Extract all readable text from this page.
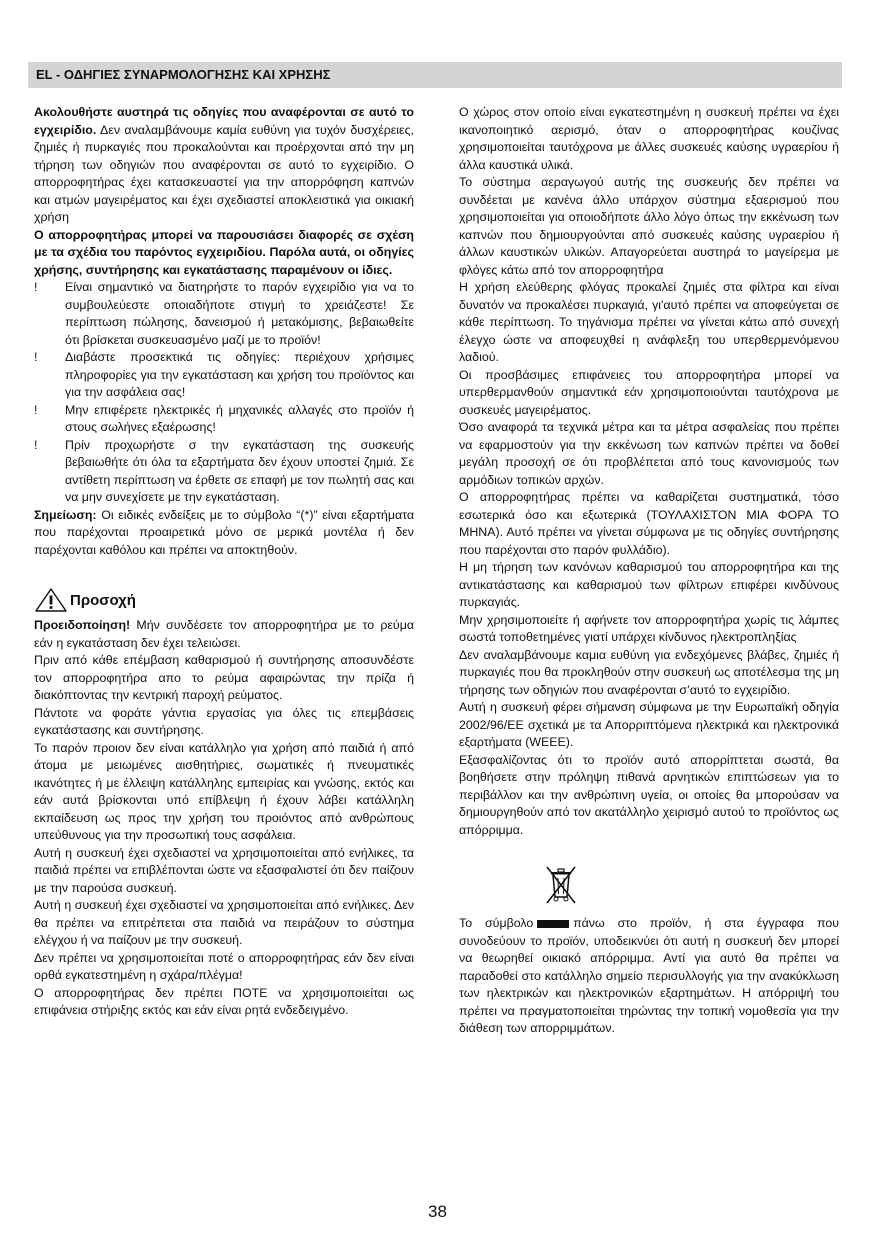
EL - ΟΔΗΓΙΕΣ ΣΥΝΑΡΜΟΛΟΓΗΣΗΣ ΚΑΙ ΧΡΗΣΗΣ

Ακολουθήστε αυστηρά τις οδηγίες που αναφέρονται σε αυτό το εγχειρίδιο. Δεν αναλαμβάνουμε καμία ευθύνη για τυχόν δυσχέρειες, ζημιές ή πυρκαγιές που προκαλούνται και προέρχονται από την μη τήρηση των οδηγιών που αναφέρονται σε αυτό το εγχειρίδιο. Ο απορροφητήρας έχει κατασκευαστεί για την απορρόφηση καπνών και ατμών μαγειρέματος και έχει σχεδιαστεί αποκλειστικά για οικιακή χρήση

Ο απορροφητήρας μπορεί να παρουσιάσει διαφορές σε σχέση με τα σχέδια του παρόντος εγχειριδίου. Παρόλα αυτά, οι οδηγίες χρήσης, συντήρησης και εγκατάστασης παραμένουν οι ίδιες.

! Είναι σημαντικό να διατηρήστε το παρόν εγχειρίδιο για να το συμβουλεύεστε οποιαδήποτε στιγμή το χρειάζεστε! Σε περίπτωση πώλησης, δανεισμού ή μετακόμισης, βεβαιωθείτε ότι βρίσκεται συσκευασμένο μαζί με το προϊόν!
! Διαβάστε προσεκτικά τις οδηγίες: περιέχουν χρήσιμες πληροφορίες για την εγκατάσταση και χρήση του προϊόντος και για την ασφάλεια σας!
! Μην επιφέρετε ηλεκτρικές ή μηχανικές αλλαγές στο προϊόν ή στους σωλήνες εξαέρωσης!
! Πρίν προχωρήστε σ την εγκατάσταση της συσκευής βεβαιωθήτε ότι όλα τα εξαρτήματα δεν έχουν υποστεί ζημιά. Σε αντίθετη περίπτωση να έρθετε σε επαφή με τον πωλητή σας και να μην συνεχίσετε με την εγκατάσταση.

Σημείωση: Οι ειδικές ενδείξεις με το σύμβολο “(*)” είναι εξαρτήματα που παρέχονται προαιρετικά μόνο σε μερικά μοντέλα ή δεν παρέχονται καθόλου και πρέπει να αποκτηθούν.

Προσοχή

Προειδοποίηση! Μήν συνδέσετε τον απορροφητήρα με το ρεύμα εάν η εγκατάσταση δεν έχει τελειώσει.

Πριν από κάθε επέμβαση καθαρισμού ή συντήρησης αποσυνδέστε τον απορροφητήρα απο το ρεύμα αφαιρώντας την πρίζα ή διακόπτοντας την κεντρική παροχή ρεύματος.

Πάντοτε να φοράτε γάντια εργασίας για όλες τις επεμβάσεις εγκατάστασης και συντήρησης.

Το παρόν προιον δεν είναι κατάλληλο για χρήση από παιδιά ή από άτομα με μειωμένες αισθητήριες, σωματικές ή πνευματικές ικανότητες ή με έλλειψη κατάλληλης εμπειρίας και γνώσης, εκτός και εάν αυτά βρίσκονται υπό επίβλεψη ή έχουν λάβει κατάλληλη εκπαίδευση ως προς την χρήση του προιόντος από ανθρώπους υπεύθυνους για την προσωπική τους ασφάλεια.

Αυτή η συσκευή έχει σχεδιαστεί να χρησιμοποιείται από ενήλικες, τα παιδιά πρέπει να επιβλέπονται ώστε να εξασφαλιστεί ότι δεν παίζουν με την παρούσα συσκευή.

Αυτή η συσκευή έχει σχεδιαστεί να χρησιμοποιείται από ενήλικες. Δεν θα πρέπει να επιτρέπεται στα παιδιά να πειράζουν το σύστημα ελέγχου ή να παίζουν με την συσκευή.

Δεν πρέπει να χρησιμοποιείται ποτέ ο απορροφητήρας εάν δεν είναι ορθά εγκατεστημένη η σχάρα/πλέγμα!

Ο απορροφητήρας δεν πρέπει ΠΟΤΕ να χρησιμοποιείται ως επιφάνεια στήριξης εκτός και εάν είναι ρητά ενδεδειγμένο.

Ο χώρος στον οποίο είναι εγκατεστημένη η συσκευή πρέπει να έχει ικανοποιητικό αερισμό, όταν ο απορροφητήρας κουζίνας χρησιμοποιείται ταυτόχρονα με άλλες συσκευές καύσης υγραερίου ή άλλα καυστικά υλικά.

Το σύστημα αεραγωγού αυτής της συσκευής δεν πρέπει να συνδέεται με κανένα άλλο υπάρχον σύστημα εξαερισμού που χρησιμοποιείται για οποιοδήποτε άλλο λόγο όπως την εκκένωση των καπνών που δημιουργούνται από συσκευές καύσης υγραερίου ή άλλων καυστικών υλικών. Απαγορεύεται αυστηρά το μαγείρεμα με φλόγες κάτω από τον απορροφητήρα

Η χρήση ελεύθερης φλόγας προκαλεί ζημιές στα φίλτρα και είναι δυνατόν να προκαλέσει πυρκαγιά, γι'αυτό πρέπει να αποφεύγεται σε κάθε περίπτωση. Το τηγάνισμα πρέπει να γίνεται κάτω από συνεχή έλεγχο ώστε να αποφευχθεί η ανάφλεξη του υπερθερμενόμενου λαδιού.

Οι προσβάσιμες επιφάνειες του απορροφητήρα μπορεί να υπερθερμανθούν σημαντικά εάν χρησιμοποιούνται ταυτόχρονα με συσκευές μαγειρέματος.

Όσο αναφορά τα τεχνικά μέτρα και τα μέτρα ασφαλείας που πρέπει να εφαρμοστούν για την εκκένωση των καπνών πρέπει να δοθεί μεγάλη προσοχή σε ότι προβλέπεται από τους κανονισμούς των αρμόδιων τοπικών αρχών.

Ο απορροφητήρας πρέπει να καθαρίζεται συστηματικά, τόσο εσωτερικά όσο και εξωτερικά (ΤΟΥΛΑΧΙΣΤΟΝ ΜΙΑ ΦΟΡΑ ΤΟ ΜΗΝΑ). Αυτό πρέπει να γίνεται σύμφωνα με τις οδηγίες συντήρησης που παρέχονται στο παρόν φυλλάδιο).

Η μη τήρηση των κανόνων καθαρισμού του απορροφητήρα και της αντικατάστασης και καθαρισμού των φίλτρων επιφέρει κινδύνους πυρκαγιάς.

Μην χρησιμοποιείτε ή αφήνετε τον απορροφητήρα χωρίς τις λάμπες σωστά τοποθετημένες γιατί υπάρχει κίνδυνος ηλεκτροπληξίας

Δεν αναλαμβάνουμε καμια ευθύνη για ενδεχόμενες βλάβες, ζημιές ή πυρκαγιές που θα προκληθούν στην συσκευή ως αποτέλεσμα της μη τήρησης των οδηγιών που αναφέρονται σ’αυτό το εγχειρίδιο.

Αυτή η συσκευή φέρει σήμανση σύμφωνα με την Ευρωπαϊκή οδηγία 2002/96/ΕΕ σχετικά με τα Απορριπτόμενα ηλεκτρικά και ηλεκτρονικά εξαρτήματα (WEEE).

Εξασφαλίζοντας ότι το προϊόν αυτό απορρίπτεται σωστά, θα βοηθήσετε στην πρόληψη πιθανά αρνητικών επιπτώσεων για το περιβάλλον και την ανθρώπινη υγεία, οι οποίες θα μπορούσαν να δημιουργηθούν από τον ακατάλληλο χειρισμό αυτού το προϊόντος ως απόρριμμα.

Το σύμβολο	πάνω στο προϊόν, ή στα έγγραφα που συνοδεύουν το προϊόν, υποδεικνύει ότι αυτή η συσκευή δεν μπορεί να θεωρηθεί οικιακό απόρριμμα. Αντί για αυτό θα πρέπει να παραδοθεί στο κατάλληλο σημείο περισυλλογής για την ανακύκλωση των ηλεκτρικών και ηλεκτρονικών εξαρτημάτων. Η απόρριψή του πρέπει να πραγματοποιείται τηρώντας την τοπική νομοθεσία για την διάθεση των απορριμμάτων.

38
